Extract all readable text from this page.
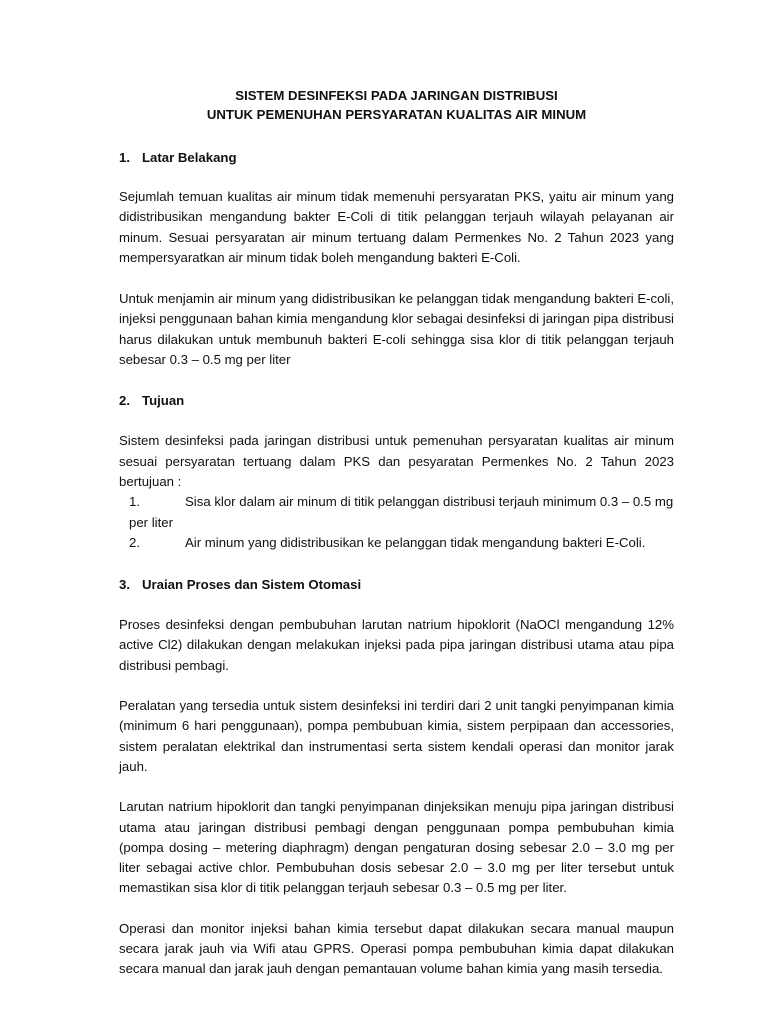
SISTEM DESINFEKSI PADA JARINGAN DISTRIBUSI
UNTUK PEMENUHAN PERSYARATAN KUALITAS AIR MINUM
1. Latar Belakang

Sejumlah temuan kualitas air minum tidak memenuhi persyaratan PKS, yaitu air minum yang didistribusikan mengandung bakter E-Coli di titik pelanggan terjauh wilayah pelayanan air minum. Sesuai persyaratan air minum tertuang dalam Permenkes No. 2 Tahun 2023 yang mempersyaratkan air minum tidak boleh mengandung bakteri E-Coli.

Untuk menjamin air minum yang didistribusikan ke pelanggan tidak mengandung bakteri E-coli, injeksi penggunaan bahan kimia mengandung klor sebagai desinfeksi di jaringan pipa distribusi harus dilakukan untuk membunuh bakteri E-coli sehingga sisa klor di titik pelanggan terjauh sebesar 0.3 – 0.5 mg per liter

2. Tujuan

Sistem desinfeksi pada jaringan distribusi untuk pemenuhan persyaratan kualitas air minum sesuai persyaratan tertuang dalam PKS dan pesyaratan Permenkes No. 2 Tahun 2023 bertujuan :

1.	Sisa klor dalam air minum di titik pelanggan distribusi terjauh minimum 0.3 – 0.5 mg
per liter
2.	Air minum yang didistribusikan ke pelanggan tidak mengandung bakteri E-Coli.
3. Uraian Proses dan Sistem Otomasi

Proses desinfeksi dengan pembubuhan larutan natrium hipoklorit (NaOCl mengandung 12% active Cl2) dilakukan dengan melakukan injeksi pada pipa jaringan distribusi utama atau pipa distribusi pembagi.

Peralatan yang tersedia untuk sistem desinfeksi ini terdiri dari 2 unit tangki penyimpanan kimia (minimum 6 hari penggunaan), pompa pembubuan kimia, sistem perpipaan dan accessories, sistem peralatan elektrikal dan instrumentasi serta sistem kendali operasi dan monitor jarak jauh.

Larutan natrium hipoklorit dan tangki penyimpanan dinjeksikan menuju pipa jaringan distribusi utama atau jaringan distribusi pembagi dengan penggunaan pompa pembubuhan kimia (pompa dosing – metering diaphragm) dengan pengaturan dosing sebesar 2.0 – 3.0 mg per liter sebagai active chlor. Pembubuhan dosis sebesar 2.0 – 3.0 mg per liter tersebut untuk memastikan sisa klor di titik pelanggan terjauh sebesar 0.3 – 0.5 mg per liter.

Operasi dan monitor injeksi bahan kimia tersebut dapat dilakukan secara manual maupun secara jarak jauh via Wifi atau GPRS. Operasi pompa pembubuhan kimia dapat dilakukan secara manual dan jarak jauh dengan pemantauan volume bahan kimia yang masih tersedia.
